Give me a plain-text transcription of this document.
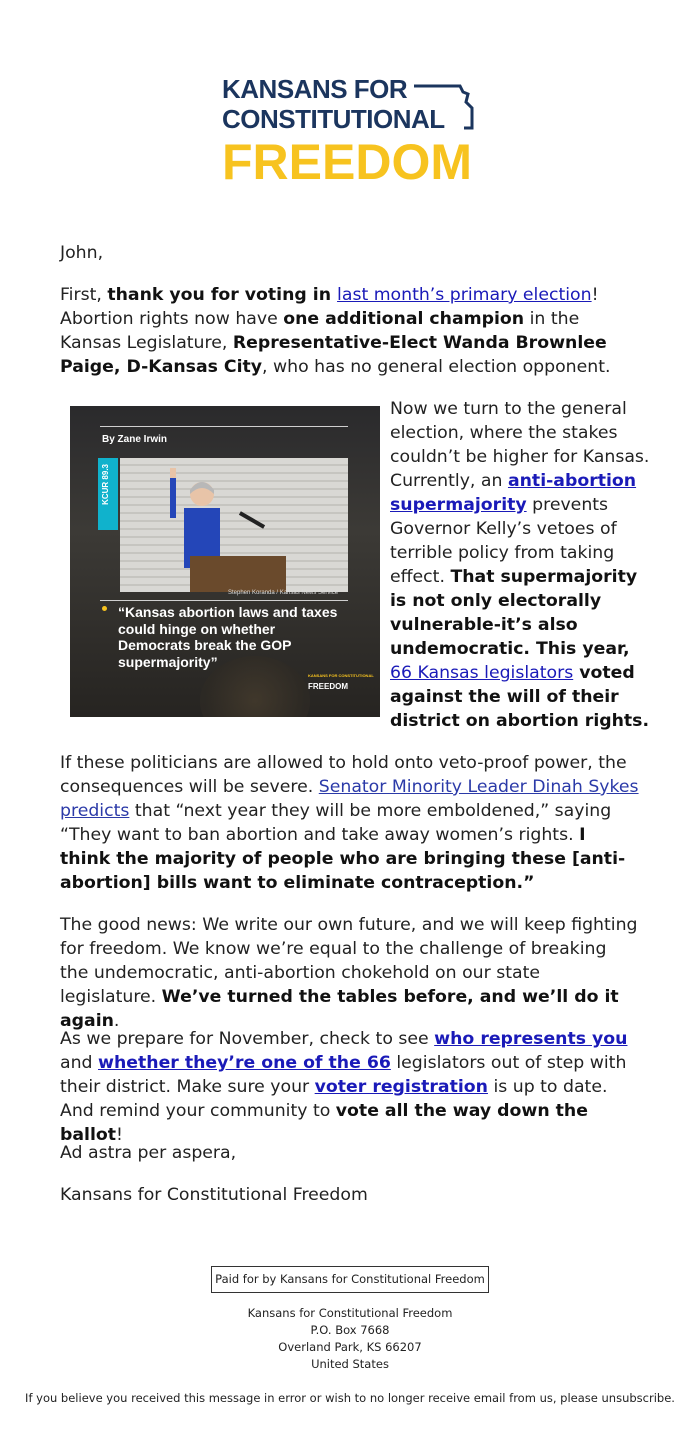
KANSANS FOR
CONSTITUTIONAL
FREEDOM

John,

First, thank you for voting in last month’s primary election! Abortion rights now have one additional champion in the Kansas Legislature, Representative-Elect Wanda Brownlee Paige, D-Kansas City, who has no general election opponent.

By Zane Irwin
KCUR 89.3
Stephen Koranda / Kansas News Service
“Kansas abortion laws and taxes could hinge on whether Democrats break the GOP supermajority”
KANSANS FOR CONSTITUTIONAL
FREEDOM

Now we turn to the general election, where the stakes couldn’t be higher for Kansas. Currently, an anti-abortion supermajority prevents Governor Kelly’s vetoes of terrible policy from taking effect. That supermajority is not only electorally vulnerable-it’s also undemocratic. This year, 66 Kansas legislators voted against the will of their district on abortion rights.

If these politicians are allowed to hold onto veto-proof power, the consequences will be severe. Senator Minority Leader Dinah Sykes predicts that “next year they will be more emboldened,” saying “They want to ban abortion and take away women’s rights. I think the majority of people who are bringing these [anti-abortion] bills want to eliminate contraception.”

The good news: We write our own future, and we will keep fighting for freedom. We know we’re equal to the challenge of breaking the undemocratic, anti-abortion chokehold on our state legislature. We’ve turned the tables before, and we’ll do it again.

As we prepare for November, check to see who represents you and whether they’re one of the 66 legislators out of step with their district. Make sure your voter registration is up to date. And remind your community to vote all the way down the ballot!

Ad astra per aspera,

Kansans for Constitutional Freedom

Paid for by Kansans for Constitutional Freedom
Kansans for Constitutional Freedom
P.O. Box 7668
Overland Park, KS 66207
United States
If you believe you received this message in error or wish to no longer receive email from us, please unsubscribe.
